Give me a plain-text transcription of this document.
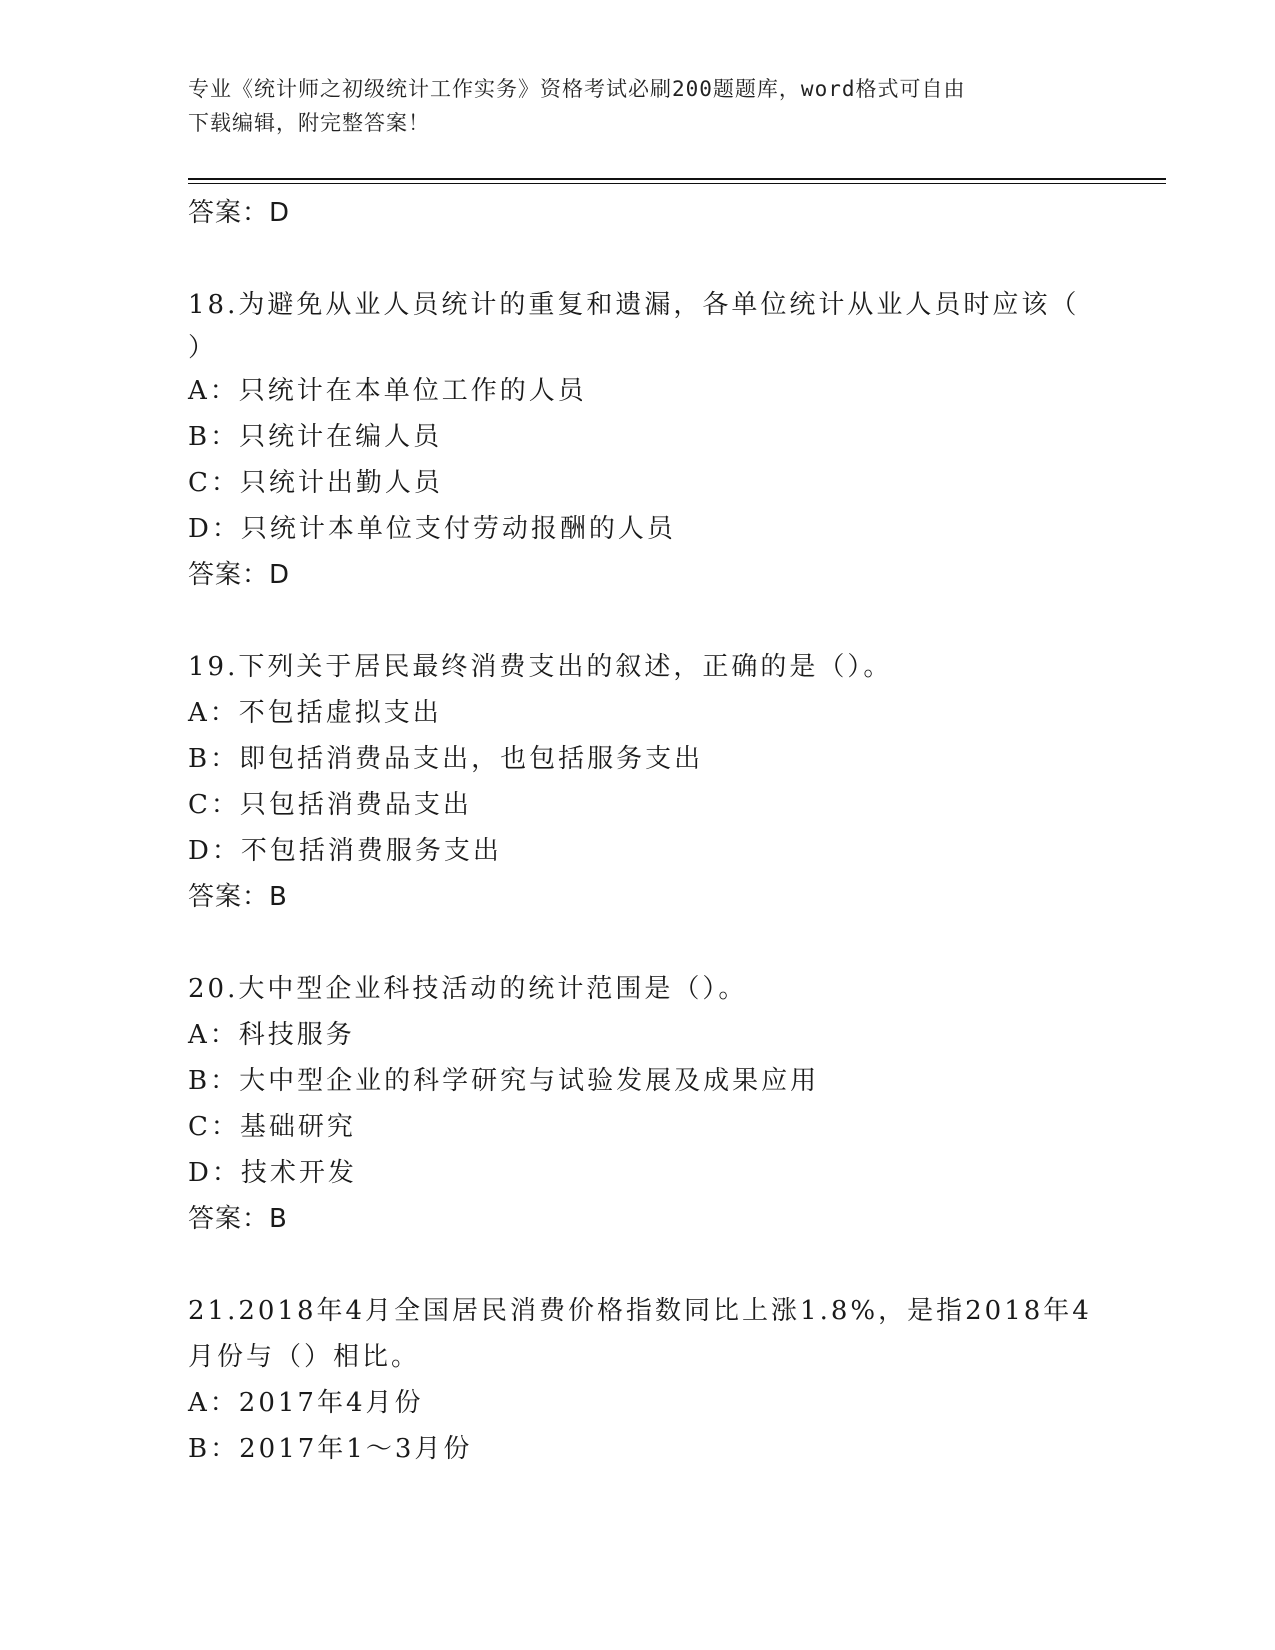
专业《统计师之初级统计工作实务》资格考试必刷200题题库，word格式可自由
下载编辑，附完整答案！
答案：D
18.为避免从业人员统计的重复和遗漏，各单位统计从业人员时应该（
）
A：只统计在本单位工作的人员
B：只统计在编人员
C：只统计出勤人员
D：只统计本单位支付劳动报酬的人员
答案：D
19.下列关于居民最终消费支出的叙述，正确的是（）。
A：不包括虚拟支出
B：即包括消费品支出，也包括服务支出
C：只包括消费品支出
D：不包括消费服务支出
答案：B
20.大中型企业科技活动的统计范围是（）。
A：科技服务
B：大中型企业的科学研究与试验发展及成果应用
C：基础研究
D：技术开发
答案：B
21.2018年4月全国居民消费价格指数同比上涨1.8%，是指2018年4
月份与（）相比。
A：2017年4月份
B：2017年1～3月份
